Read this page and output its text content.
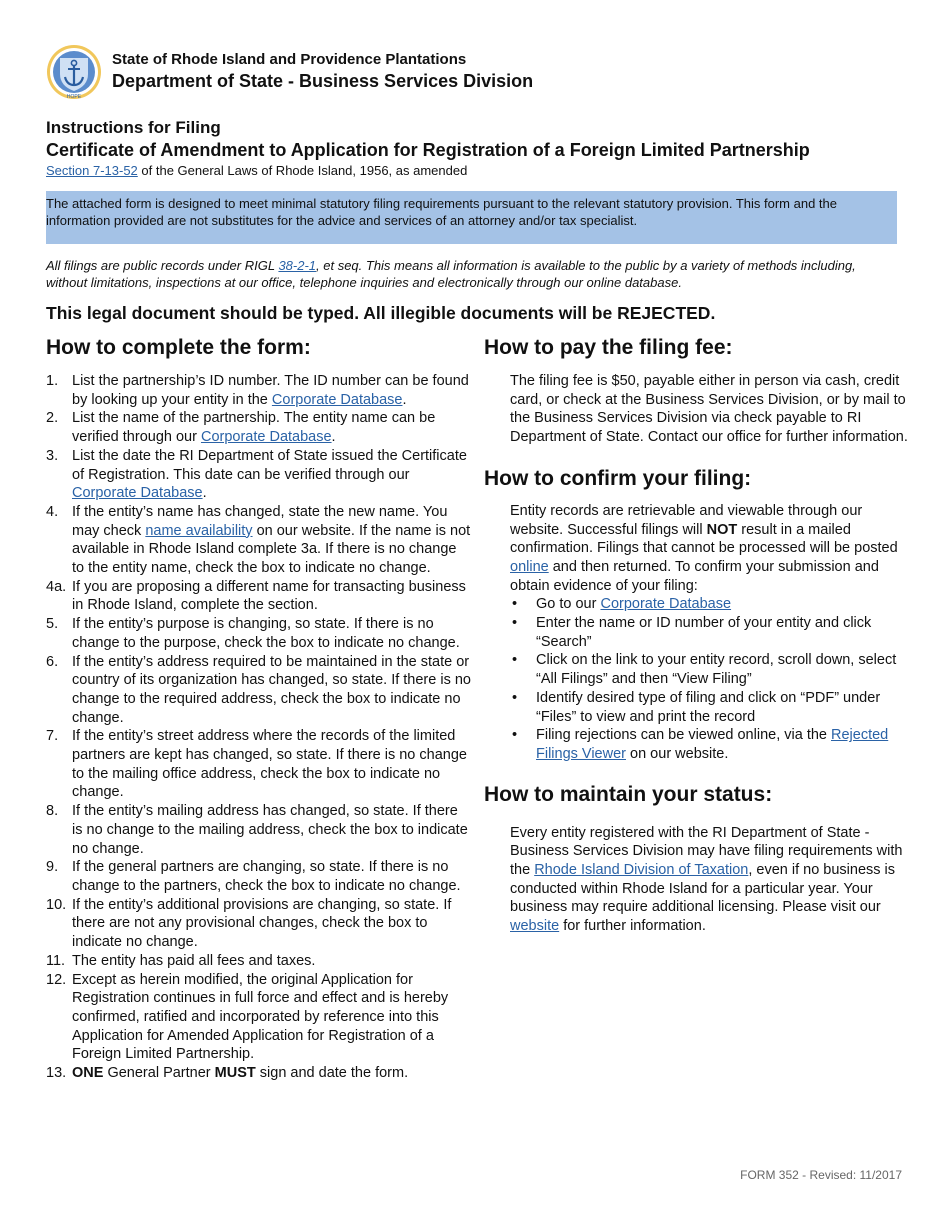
HOPE
State of Rhode Island and Providence Plantations
Department of State - Business Services Division
Instructions for Filing
Certificate of Amendment to Application for Registration of a Foreign Limited Partnership
Section 7-13-52 of the General Laws of Rhode Island, 1956, as amended
The attached form is designed to meet minimal statutory filing requirements pursuant to the relevant statutory provision. This form and the information provided are not substitutes for the advice and services of an attorney and/or tax specialist.
All filings are public records under RIGL 38-2-1, et seq. This means all information is available to the public by a variety of methods including, without limitations, inspections at our office, telephone inquiries and electronically through our online database.
This legal document should be typed. All illegible documents will be REJECTED.
How to complete the form:
1. List the partnership’s ID number. The ID number can be found by looking up your entity in the Corporate Database.
2. List the name of the partnership. The entity name can be verified through our Corporate Database.
3. List the date the RI Department of State issued the Certificate of Registration. This date can be verified through our Corporate Database.
4. If the entity’s name has changed, state the new name. You may check name availability on our website. If the name is not available in Rhode Island complete 3a. If there is no change to the entity name, check the box to indicate no change.
4a. If you are proposing a different name for transacting business in Rhode Island, complete the section.
5. If the entity’s purpose is changing, so state. If there is no change to the purpose, check the box to indicate no change.
6. If the entity’s address required to be maintained in the state or country of its organization has changed, so state. If there is no change to the required address, check the box to indicate no change.
7. If the entity’s street address where the records of the limited partners are kept has changed, so state. If there is no change to the mailing office address, check the box to indicate no change.
8. If the entity’s mailing address has changed, so state. If there is no change to the mailing address, check the box to indicate no change.
9. If the general partners are changing, so state. If there is no change to the partners, check the box to indicate no change.
10. If the entity’s additional provisions are changing, so state. If there are not any provisional changes, check the box to indicate no change.
11. The entity has paid all fees and taxes.
12. Except as herein modified, the original Application for Registration continues in full force and effect and is hereby confirmed, ratified and incorporated by reference into this Application for Amended Application for Registration of a Foreign Limited Partnership.
13. ONE General Partner MUST sign and date the form.
How to pay the filing fee:

The filing fee is $50, payable either in person via cash, credit card, or check at the Business Services Division, or by mail to the Business Services Division via check payable to RI Department of State. Contact our office for further information.

How to confirm your filing:

Entity records are retrievable and viewable through our website. Successful filings will NOT result in a mailed confirmation. Filings that cannot be processed will be posted online and then returned. To confirm your submission and obtain evidence of your filing:

• Go to our Corporate Database
• Enter the name or ID number of your entity and click “Search”
• Click on the link to your entity record, scroll down, select “All Filings” and then “View Filing”
• Identify desired type of filing and click on “PDF” under “Files” to view and print the record
• Filing rejections can be viewed online, via the Rejected Filings Viewer on our website.
How to maintain your status:

Every entity registered with the RI Department of State - Business Services Division may have filing requirements with the Rhode Island Division of Taxation, even if no business is conducted within Rhode Island for a particular year. Your business may require additional licensing. Please visit our website for further information.

FORM 352 - Revised: 11/2017
